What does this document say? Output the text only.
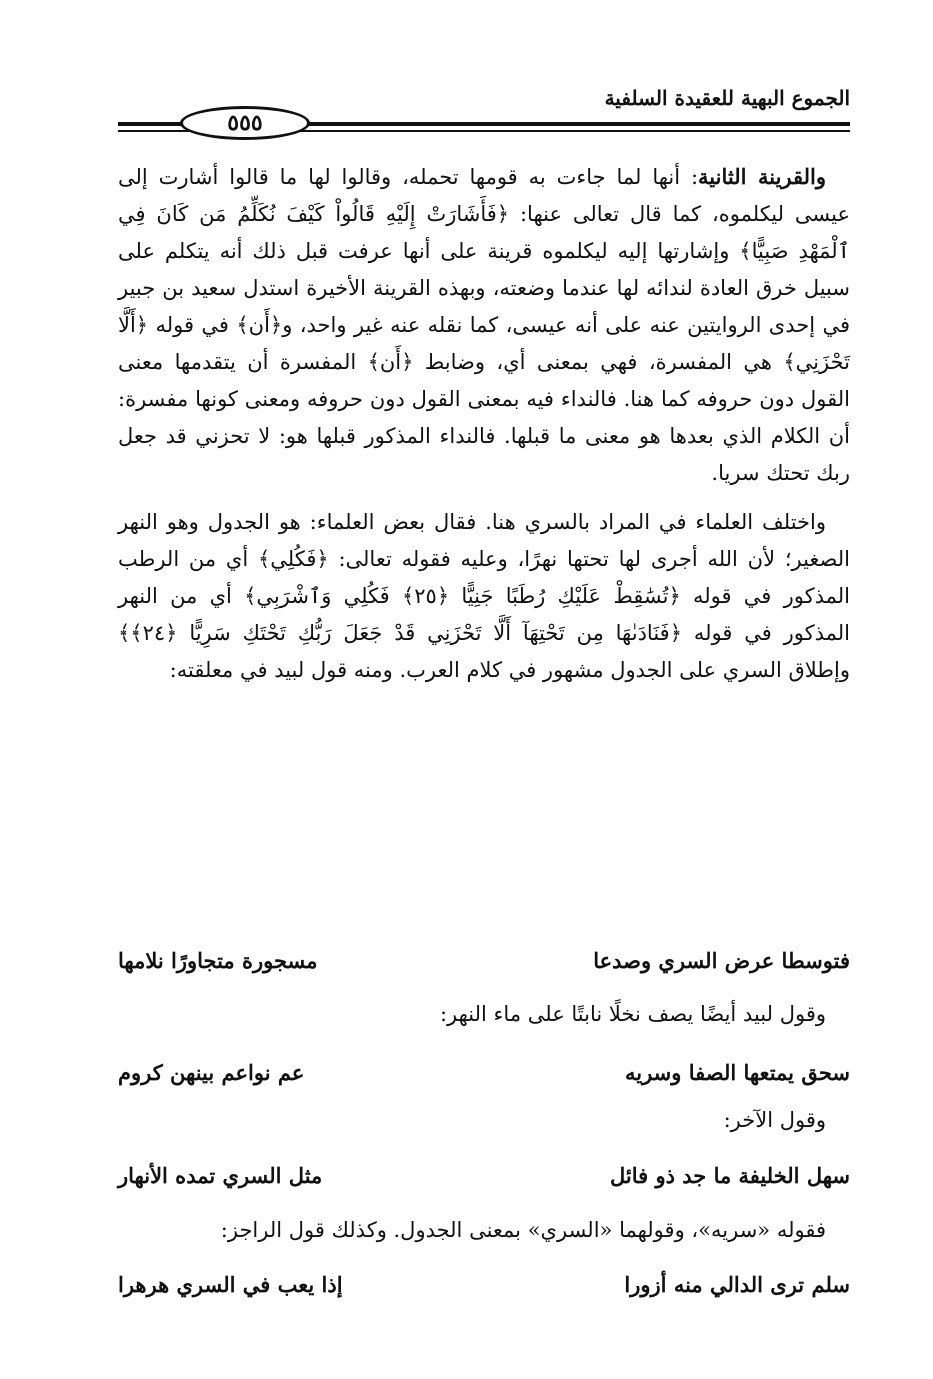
الجموع البهية للعقيدة السلفية
٥٥٥

والقرينة الثانية: أنها لما جاءت به قومها تحمله، وقالوا لها ما قالوا أشارت إلى عيسى ليكلموه، كما قال تعالى عنها: ﴿فَأَشَارَتْ إِلَيْهِ قَالُواْ كَيْفَ نُكَلِّمُ مَن كَانَ فِي ٱلْمَهْدِ صَبِيًّا﴾ وإشارتها إليه ليكلموه قرينة على أنها عرفت قبل ذلك أنه يتكلم على سبيل خرق العادة لندائه لها عندما وضعته، وبهذه القرينة الأخيرة استدل سعيد بن جبير في إحدى الروايتين عنه على أنه عيسى، كما نقله عنه غير واحد، و﴿أَن﴾ في قوله ﴿أَلَّا تَحْزَنِي﴾ هي المفسرة، فهي بمعنى أي، وضابط ﴿أَن﴾ المفسرة أن يتقدمها معنى القول دون حروفه كما هنا. فالنداء فيه بمعنى القول دون حروفه ومعنى كونها مفسرة: أن الكلام الذي بعدها هو معنى ما قبلها. فالنداء المذكور قبلها هو: لا تحزني قد جعل ربك تحتك سريا.

واختلف العلماء في المراد بالسري هنا. فقال بعض العلماء: هو الجدول وهو النهر الصغير؛ لأن الله أجرى لها تحتها نهرًا، وعليه فقوله تعالى: ﴿فَكُلِي﴾ أي من الرطب المذكور في قوله ﴿تُسَٰقِطْ عَلَيْكِ رُطَبًا جَنِيًّا ﴿٢٥﴾ فَكُلِي وَٱشْرَبِي﴾ أي من النهر المذكور في قوله ﴿فَنَادَىٰهَا مِن تَحْتِهَآ أَلَّا تَحْزَنِي قَدْ جَعَلَ رَبُّكِ تَحْتَكِ سَرِيًّا ﴿٢٤﴾﴾ وإطلاق السري على الجدول مشهور في كلام العرب. ومنه قول لبيد في معلقته:

فتوسطا عرض السري وصدعا
مسجورة متجاورًا نلامها
وقول لبيد أيضًا يصف نخلًا نابتًا على ماء النهر:
سحق يمتعها الصفا وسريه
عم نواعم بينهن كروم
وقول الآخر:
سهل الخليفة ما جد ذو فائل
مثل السري تمده الأنهار
فقوله «سريه»، وقولهما «السري» بمعنى الجدول. وكذلك قول الراجز:
سلم ترى الدالي منه أزورا
إذا يعب في السري هرهرا
